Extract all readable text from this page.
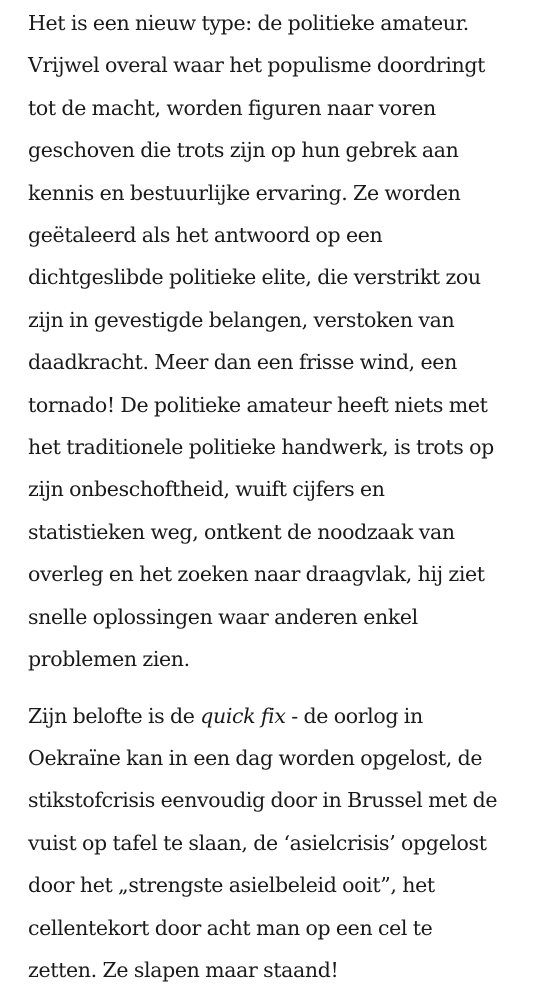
Het is een nieuw type: de politieke amateur.
Vrijwel overal waar het populisme doordringt
tot de macht, worden figuren naar voren
geschoven die trots zijn op hun gebrek aan
kennis en bestuurlijke ervaring. Ze worden
geëtaleerd als het antwoord op een
dichtgeslibde politieke elite, die verstrikt zou
zijn in gevestigde belangen, verstoken van
daadkracht. Meer dan een frisse wind, een
tornado! De politieke amateur heeft niets met
het traditionele politieke handwerk, is trots op
zijn onbeschoftheid, wuift cijfers en
statistieken weg, ontkent de noodzaak van
overleg en het zoeken naar draagvlak, hij ziet
snelle oplossingen waar anderen enkel
problemen zien.

Zijn belofte is de quick fix - de oorlog in
Oekraïne kan in een dag worden opgelost, de
stikstofcrisis eenvoudig door in Brussel met de
vuist op tafel te slaan, de ‘asielcrisis’ opgelost
door het „strengste asielbeleid ooit”, het
cellentekort door acht man op een cel te
zetten. Ze slapen maar staand!
